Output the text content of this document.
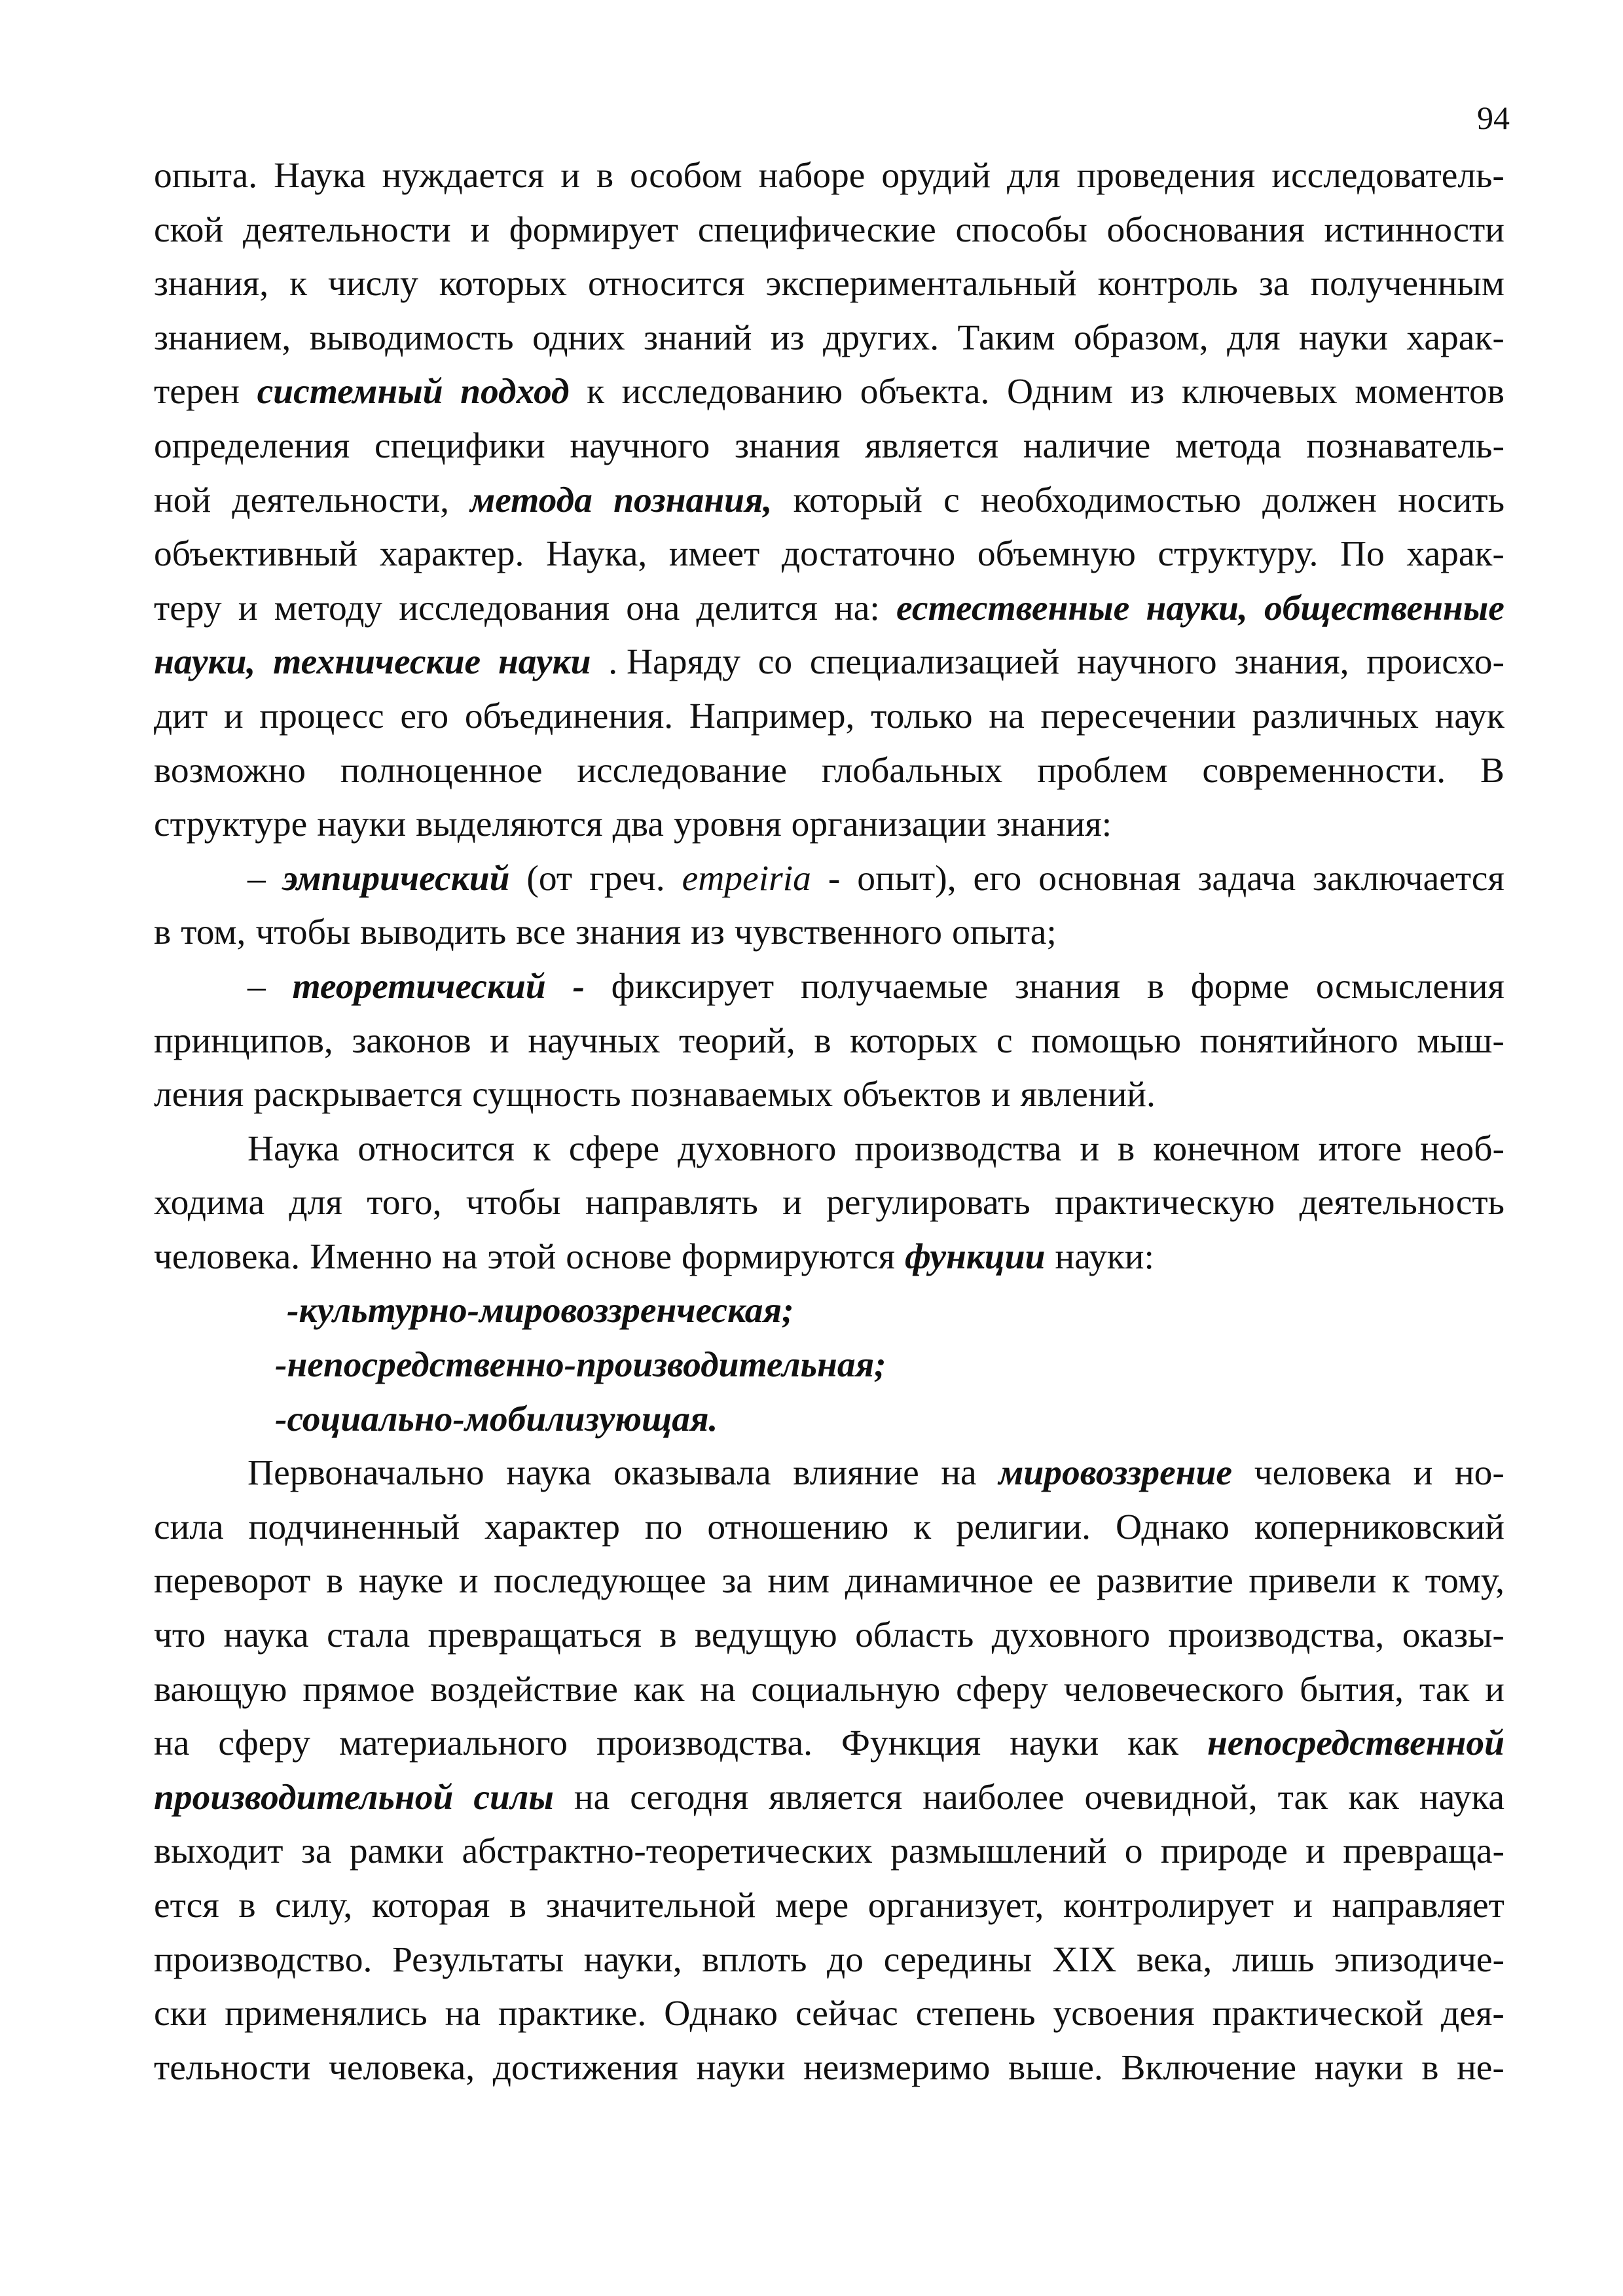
94
опыта. Наука нуждается и в особом наборе орудий для проведения исследователь-
ской деятельности и формирует специфические способы обоснования истинности
знания, к числу которых относится экспериментальный контроль за полученным
знанием, выводимость одних знаний из других. Таким образом, для науки харак-
терен системный подход к исследованию объекта. Одним из ключевых моментов
определения специфики научного знания является наличие метода познаватель-
ной деятельности, метода познания, который с необходимостью должен носить
объективный характер. Наука, имеет достаточно объемную структуру. По харак-
теру и методу исследования она делится на: естественные науки, общественные
науки, технические науки . Наряду со специализацией научного знания, происхо-
дит и процесс его объединения. Например, только на пересечении различных наук
возможно полноценное исследование глобальных проблем современности. В
структуре науки выделяются два уровня организации знания:
– эмпирический (от греч. empeiria - опыт), его основная задача заключается
в том, чтобы выводить все знания из чувственного опыта;
– теоретический - фиксирует получаемые знания в форме осмысления
принципов, законов и научных теорий, в которых с помощью понятийного мыш-
ления раскрывается сущность познаваемых объектов и явлений.
Наука относится к сфере духовного производства и в конечном итоге необ-
ходима для того, чтобы направлять и регулировать практическую деятельность
человека. Именно на этой основе формируются функции науки:
-культурно-мировоззренческая;
-непосредственно-производительная;
-социально-мобилизующая.
Первоначально наука оказывала влияние на мировоззрение человека и но-
сила подчиненный характер по отношению к религии. Однако коперниковский
переворот в науке и последующее за ним динамичное ее развитие привели к тому,
что наука стала превращаться в ведущую область духовного производства, оказы-
вающую прямое воздействие как на социальную сферу человеческого бытия, так и
на сферу материального производства. Функция науки как непосредственной
производительной силы на сегодня является наиболее очевидной, так как наука
выходит за рамки абстрактно-теоретических размышлений о природе и превраща-
ется в силу, которая в значительной мере организует, контролирует и направляет
производство. Результаты науки, вплоть до середины XIX века, лишь эпизодиче-
ски применялись на практике. Однако сейчас степень усвоения практической дея-
тельности человека, достижения науки неизмеримо выше. Включение науки в не-
